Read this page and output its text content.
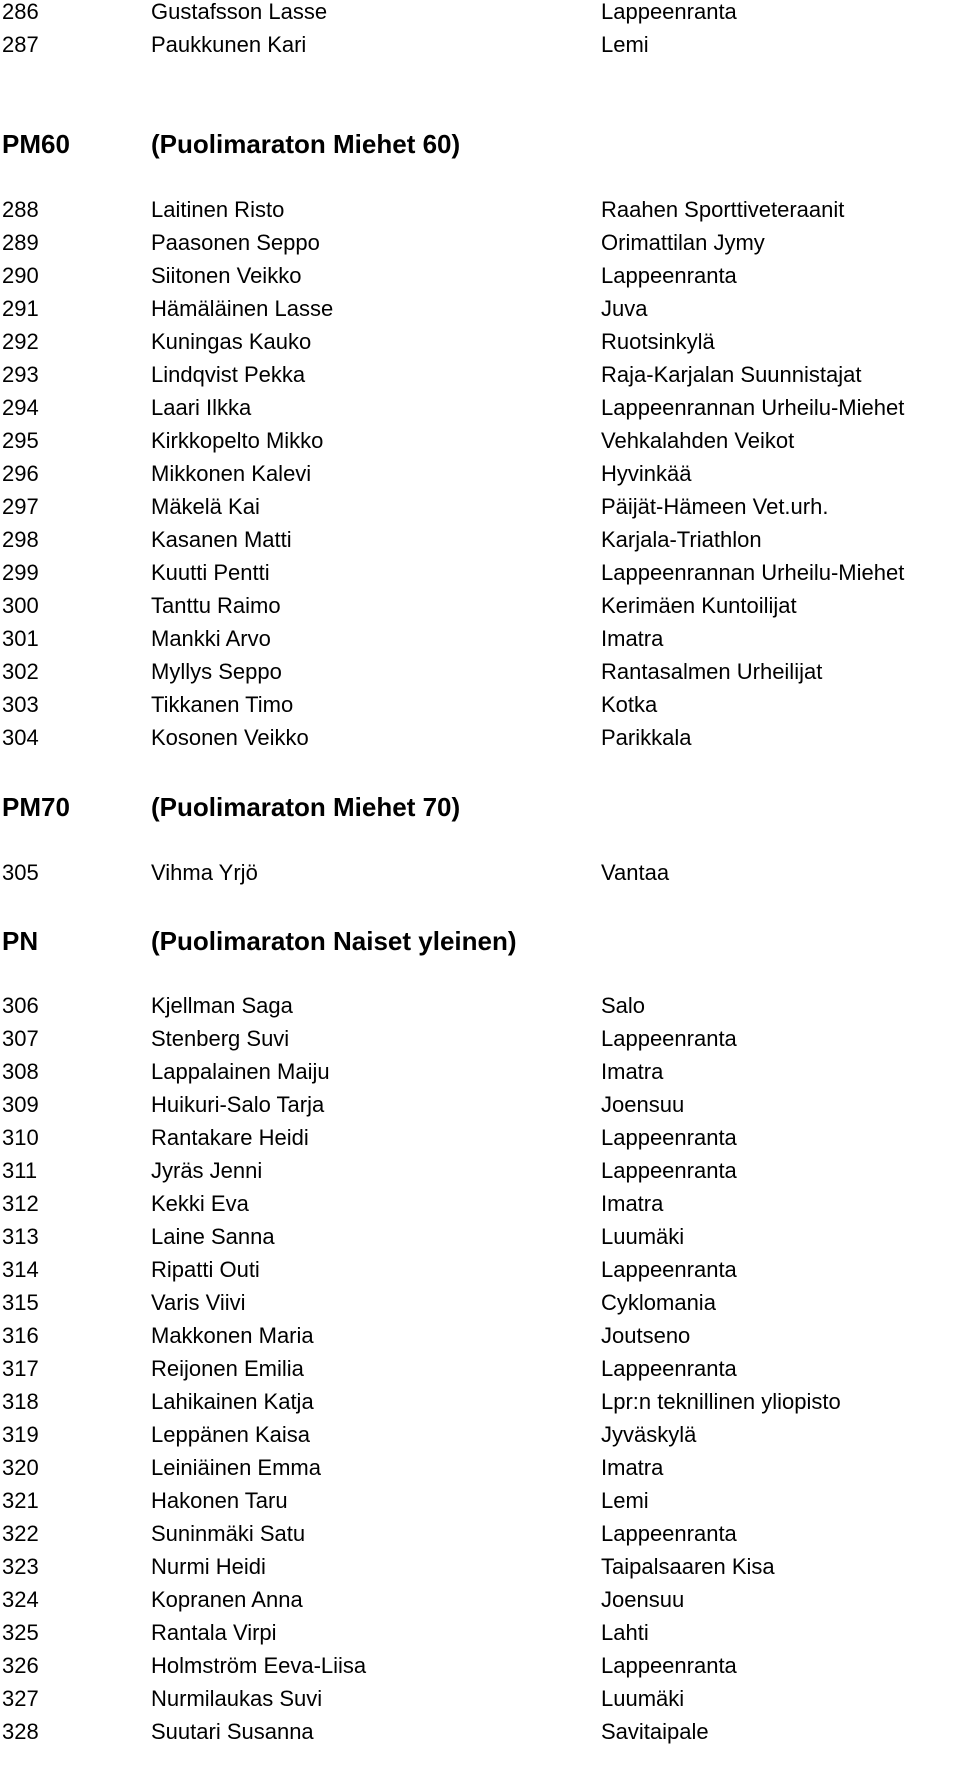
286	Gustafsson Lasse	Lappeenranta
287	Paukkunen Kari	Lemi
PM60	(Puolimaraton Miehet 60)
288	Laitinen Risto	Raahen Sporttiveteraanit
289	Paasonen Seppo	Orimattilan Jymy
290	Siitonen Veikko	Lappeenranta
291	Hämäläinen Lasse	Juva
292	Kuningas Kauko	Ruotsinkylä
293	Lindqvist Pekka	Raja-Karjalan Suunnistajat
294	Laari Ilkka	Lappeenrannan Urheilu-Miehet
295	Kirkkopelto Mikko	Vehkalahden Veikot
296	Mikkonen Kalevi	Hyvinkää
297	Mäkelä Kai	Päijät-Hämeen Vet.urh.
298	Kasanen Matti	Karjala-Triathlon
299	Kuutti Pentti	Lappeenrannan Urheilu-Miehet
300	Tanttu Raimo	Kerimäen Kuntoilijat
301	Mankki Arvo	Imatra
302	Myllys Seppo	Rantasalmen Urheilijat
303	Tikkanen Timo	Kotka
304	Kosonen Veikko	Parikkala
PM70	(Puolimaraton Miehet 70)
305	Vihma Yrjö	Vantaa
PN	(Puolimaraton Naiset yleinen)
306	Kjellman Saga	Salo
307	Stenberg Suvi	Lappeenranta
308	Lappalainen Maiju	Imatra
309	Huikuri-Salo Tarja	Joensuu
310	Rantakare Heidi	Lappeenranta
311	Jyräs Jenni	Lappeenranta
312	Kekki Eva	Imatra
313	Laine Sanna	Luumäki
314	Ripatti Outi	Lappeenranta
315	Varis Viivi	Cyklomania
316	Makkonen Maria	Joutseno
317	Reijonen Emilia	Lappeenranta
318	Lahikainen Katja	Lpr:n teknillinen yliopisto
319	Leppänen Kaisa	Jyväskylä
320	Leiniäinen Emma	Imatra
321	Hakonen Taru	Lemi
322	Suninmäki Satu	Lappeenranta
323	Nurmi Heidi	Taipalsaaren Kisa
324	Kopranen Anna	Joensuu
325	Rantala Virpi	Lahti
326	Holmström Eeva-Liisa	Lappeenranta
327	Nurmilaukas Suvi	Luumäki
328	Suutari Susanna	Savitaipale
